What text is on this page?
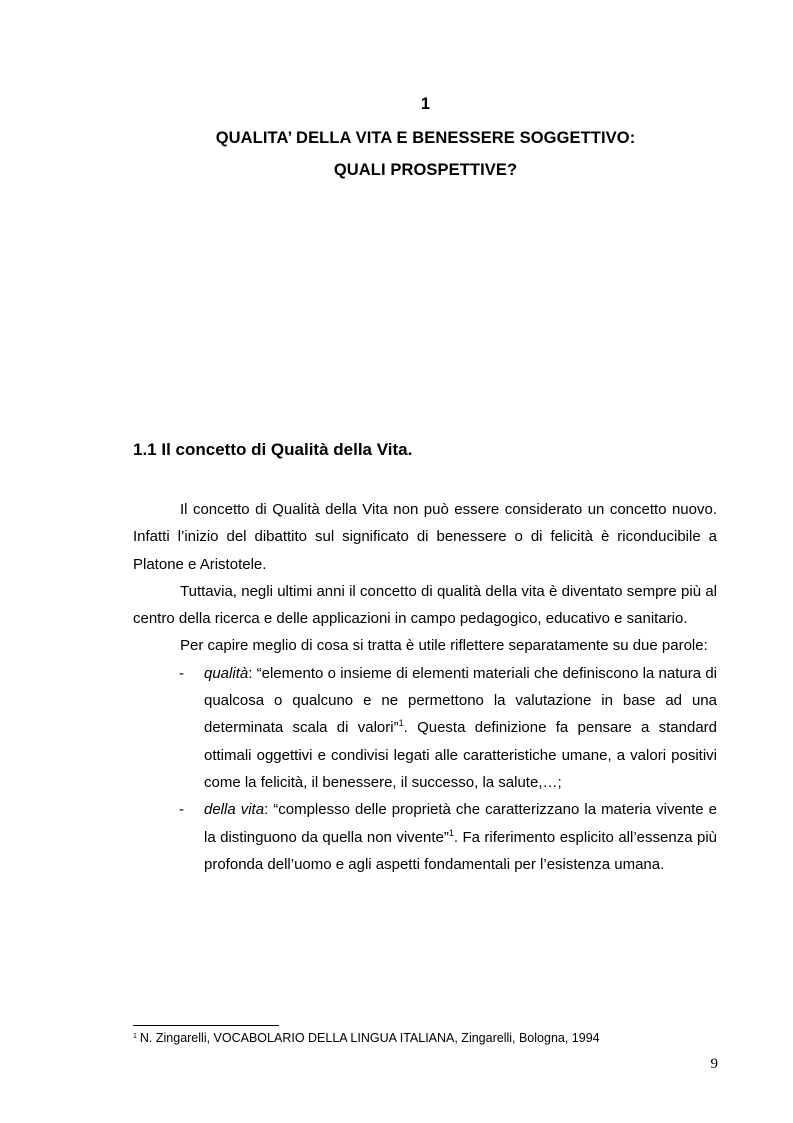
1
QUALITA’ DELLA VITA E BENESSERE SOGGETTIVO:
QUALI PROSPETTIVE?
1.1 Il concetto di Qualità della Vita.

Il concetto di Qualità della Vita non può essere considerato un concetto nuovo. Infatti l’inizio del dibattito sul significato di benessere o di felicità è riconducibile a Platone e Aristotele.

Tuttavia, negli ultimi anni il concetto di qualità della vita è diventato sempre più al centro della ricerca e delle applicazioni in campo pedagogico, educativo e sanitario.

Per capire meglio di cosa si tratta è utile riflettere separatamente su due parole:

- qualità: “elemento o insieme di elementi materiali che definiscono la natura di qualcosa o qualcuno e ne permettono la valutazione in base ad una determinata scala di valori”$^1$. Questa definizione fa pensare a standard ottimali oggettivi e condivisi legati alle caratteristiche umane, a valori positivi come la felicità, il benessere, il successo, la salute,…;
- della vita: “complesso delle proprietà che caratterizzano la materia vivente e la distinguono da quella non vivente”$^1$. Fa riferimento esplicito all’essenza più profonda dell’uomo e agli aspetti fondamentali per l’esistenza umana.
$^1$ N. Zingarelli, VOCABOLARIO DELLA LINGUA ITALIANA, Zingarelli, Bologna, 1994
9
